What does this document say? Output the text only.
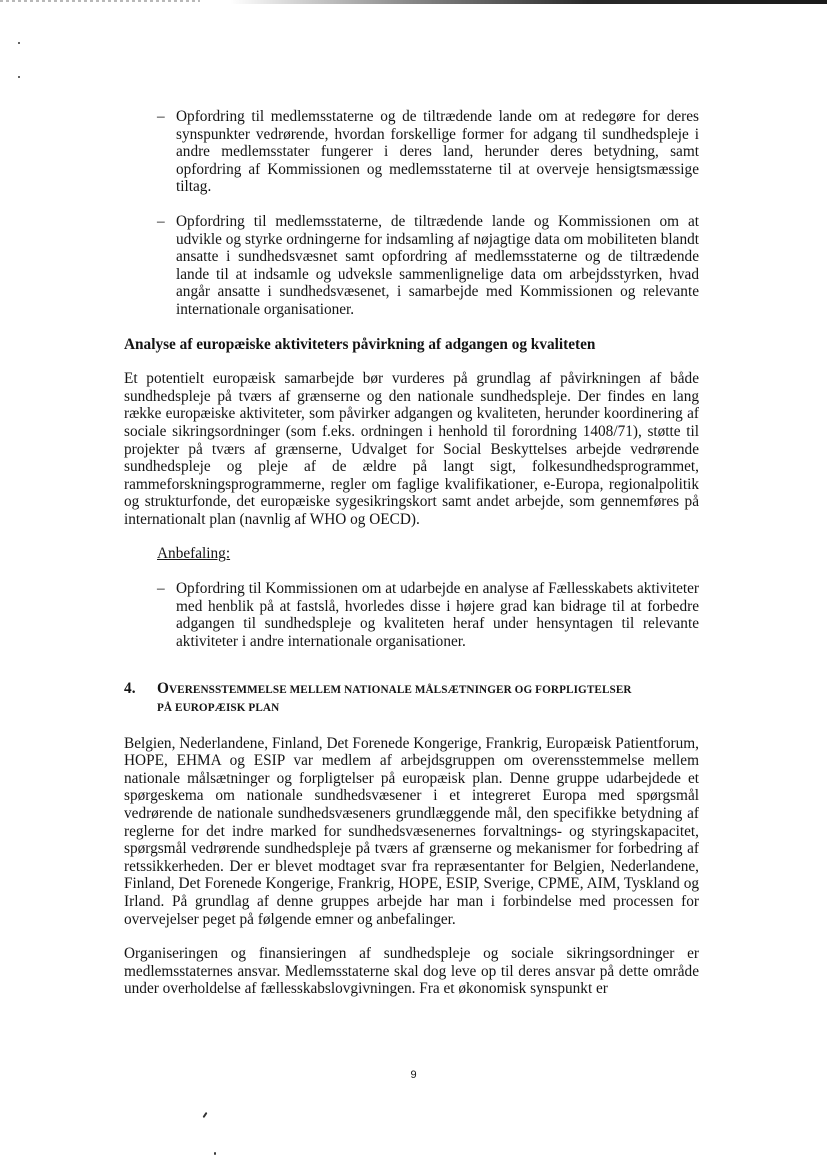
– Opfordring til medlemsstaterne og de tiltrædende lande om at redegøre for deres synspunkter vedrørende, hvordan forskellige former for adgang til sundhedspleje i andre medlemsstater fungerer i deres land, herunder deres betydning, samt opfordring af Kommissionen og medlemsstaterne til at overveje hensigtsmæssige tiltag.

– Opfordring til medlemsstaterne, de tiltrædende lande og Kommissionen om at udvikle og styrke ordningerne for indsamling af nøjagtige data om mobiliteten blandt ansatte i sundhedsvæsnet samt opfordring af medlemsstaterne og de tiltrædende lande til at indsamle og udveksle sammenlignelige data om arbejdsstyrken, hvad angår ansatte i sundhedsvæsenet, i samarbejde med Kommissionen og relevante internationale organisationer.

Analyse af europæiske aktiviteters påvirkning af adgangen og kvaliteten

Et potentielt europæisk samarbejde bør vurderes på grundlag af påvirkningen af både sundhedspleje på tværs af grænserne og den nationale sundhedspleje. Der findes en lang række europæiske aktiviteter, som påvirker adgangen og kvaliteten, herunder koordinering af sociale sikringsordninger (som f.eks. ordningen i henhold til forordning 1408/71), støtte til projekter på tværs af grænserne, Udvalget for Social Beskyttelses arbejde vedrørende sundhedspleje og pleje af de ældre på langt sigt, folkesundhedsprogrammet, rammeforskningsprogrammerne, regler om faglige kvalifikationer, e-Europa, regionalpolitik og strukturfonde, det europæiske sygesikringskort samt andet arbejde, som gennemføres på internationalt plan (navnlig af WHO og OECD).

Anbefaling:

– Opfordring til Kommissionen om at udarbejde en analyse af Fællesskabets aktiviteter med henblik på at fastslå, hvorledes disse i højere grad kan bidrage til at forbedre adgangen til sundhedspleje og kvaliteten heraf under hensyntagen til relevante aktiviteter i andre internationale organisationer.

4. OVERENSSTEMMELSE MELLEM NATIONALE MÅLSÆTNINGER OG FORPLIGTELSER
PÅ EUROPÆISK PLAN

Belgien, Nederlandene, Finland, Det Forenede Kongerige, Frankrig, Europæisk Patientforum, HOPE, EHMA og ESIP var medlem af arbejdsgruppen om overensstemmelse mellem nationale målsætninger og forpligtelser på europæisk plan. Denne gruppe udarbejdede et spørgeskema om nationale sundhedsvæsener i et integreret Europa med spørgsmål vedrørende de nationale sundhedsvæseners grundlæggende mål, den specifikke betydning af reglerne for det indre marked for sundhedsvæsenernes forvaltnings- og styringskapacitet, spørgsmål vedrørende sundhedspleje på tværs af grænserne og mekanismer for forbedring af retssikkerheden. Der er blevet modtaget svar fra repræsentanter for Belgien, Nederlandene, Finland, Det Forenede Kongerige, Frankrig, HOPE, ESIP, Sverige, CPME, AIM, Tyskland og Irland. På grundlag af denne gruppes arbejde har man i forbindelse med processen for overvejelser peget på følgende emner og anbefalinger.

Organiseringen og finansieringen af sundhedspleje og sociale sikringsordninger er medlemsstaternes ansvar. Medlemsstaterne skal dog leve op til deres ansvar på dette område under overholdelse af fællesskabslovgivningen. Fra et økonomisk synspunkt er

9
